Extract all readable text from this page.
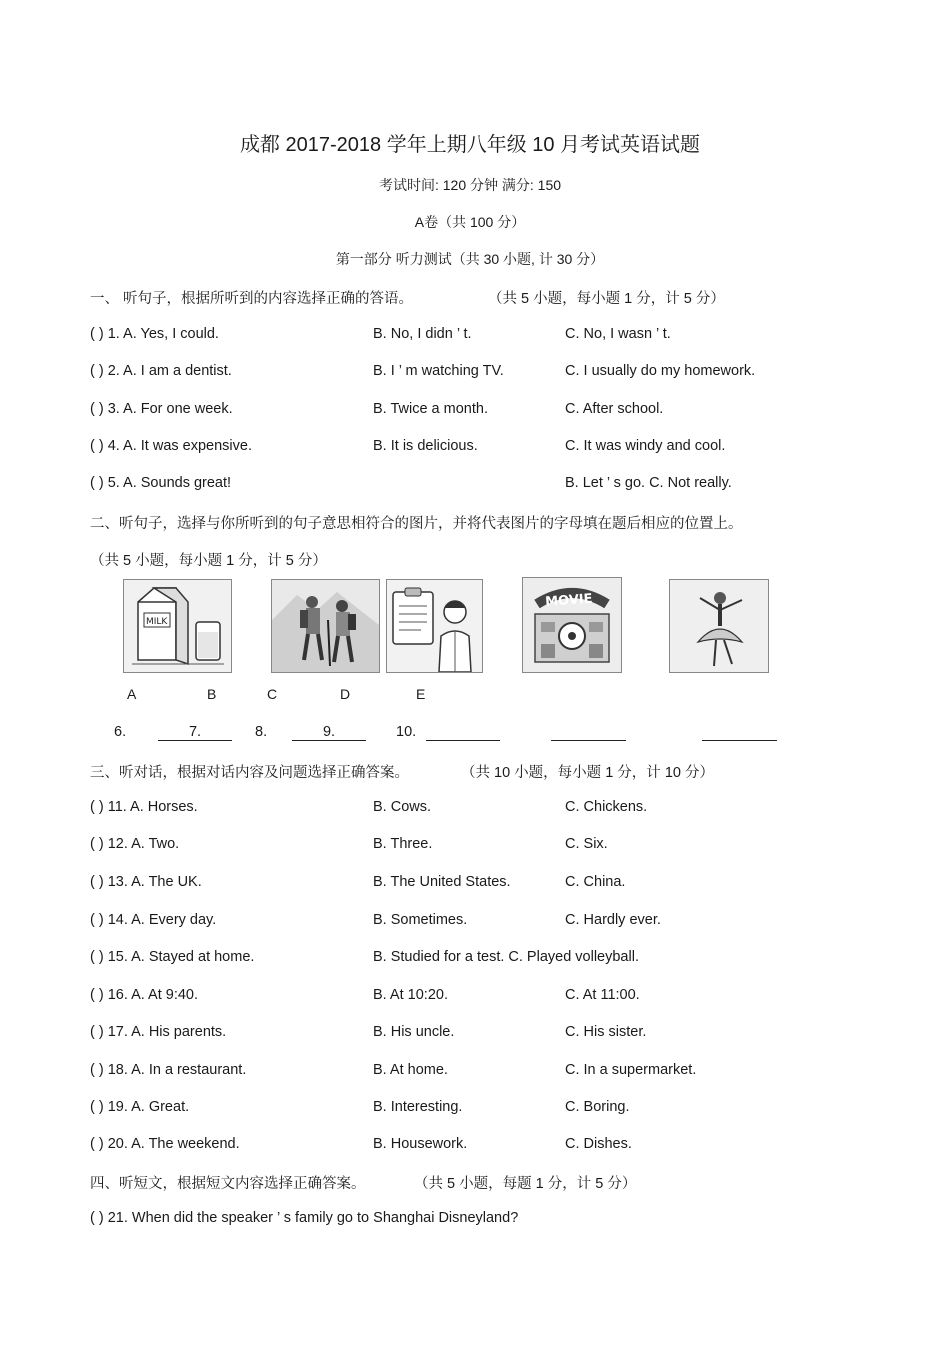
成都 2017-2018 学年上期八年级 10 月考试英语试题
考试时间: 120 分钟 满分: 150
A卷（共 100 分）
第一部分 听力测试（共 30 小题, 计 30 分）
一、 听句子，根据所听到的内容选择正确的答语。	（共 5 小题，每小题 1 分，计 5 分）
( ) 1. A. Yes, I could.	B. No, I didn ’ t.	C. No, I wasn ’ t.
( ) 2. A. I am a dentist.	B. I ’ m watching TV.	C. I usually do my homework.
( ) 3. A. For one week.	B. Twice a month.	C. After school.
( ) 4. A. It was expensive.	B. It is delicious.	C. It was windy and cool.
( ) 5. A. Sounds great!	B. Let ’ s go. C. Not really.
二、听句子，选择与你所听到的句子意思相符合的图片，并将代表图片的字母填在题后相应的位置上。
（共 5 小题，每小题 1 分，计 5 分）
MILK
MOVIE
A	B	C	D	E
6.	7.	8.	9.	10.
三、听对话，根据对话内容及问题选择正确答案。	（共 10 小题，每小题 1 分，计 10 分）
( ) 11. A. Horses.	B. Cows.	C. Chickens.
( ) 12. A. Two.	B. Three.	C. Six.
( ) 13. A. The UK.	B. The United States.	C. China.
( ) 14. A. Every day.	B. Sometimes.	C. Hardly ever.
( ) 15. A. Stayed at home.	B. Studied for a test. C. Played volleyball.
( ) 16. A. At 9:40.	B. At 10:20.	C. At 11:00.
( ) 17. A. His parents.	B. His uncle.	C. His sister.
( ) 18. A. In a restaurant.	B. At home.	C. In a supermarket.
( ) 19. A. Great.	B. Interesting.	C. Boring.
( ) 20. A. The weekend.	B. Housework.	C. Dishes.
四、听短文，根据短文内容选择正确答案。	（共 5 小题，每题 1 分，计 5 分）
( ) 21. When did the speaker ’ s family go to Shanghai Disneyland?
